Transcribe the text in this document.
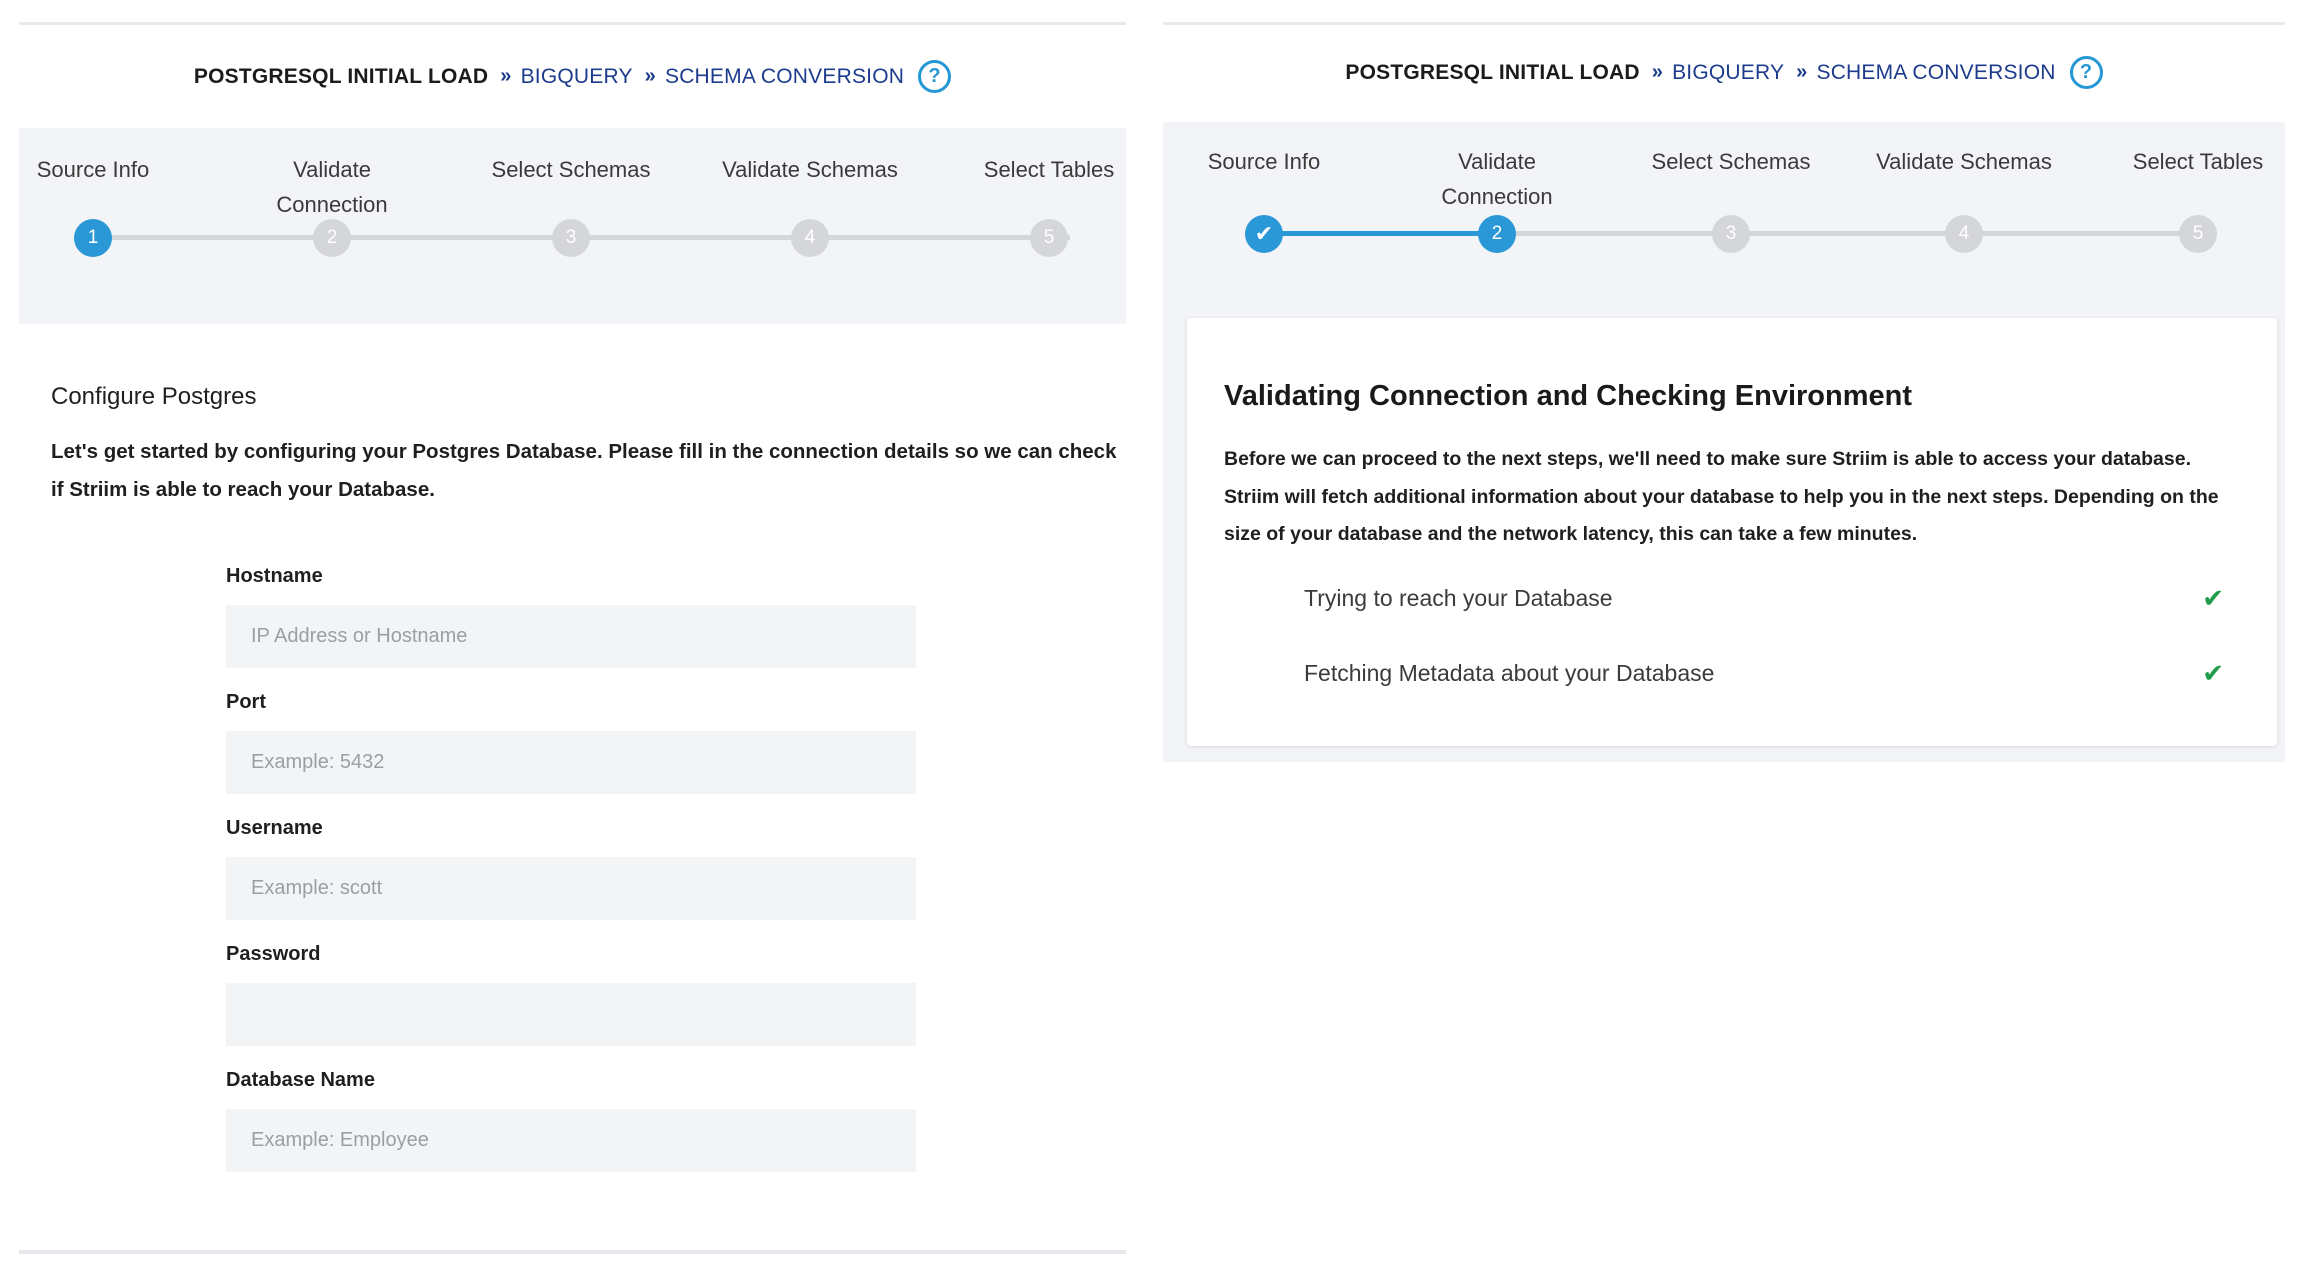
POSTGRESQL INITIAL LOAD » BIGQUERY » SCHEMA CONVERSION	?
Source Info	Validate Connection
Select Schemas	Validate Schemas	Select Tables
1	2	3	4	5
Configure Postgres
Let's get started by configuring your Postgres Database. Please fill in the connection details so we can check if Striim is able to reach your Database.
Hostname
IP Address or Hostname
Port
Example: 5432
Username
Example: scott
Password
Database Name
Example: Employee
POSTGRESQL INITIAL LOAD » BIGQUERY » SCHEMA CONVERSION	?
Source Info	Validate Connection
Select Schemas	Validate Schemas	Select Tables
✔	2	3	4	5
Validating Connection and Checking Environment
Before we can proceed to the next steps, we'll need to make sure Striim is able to access your database. Striim will fetch additional information about your database to help you in the next steps. Depending on the size of your database and the network latency, this can take a few minutes.
Trying to reach your Database	✔
Fetching Metadata about your Database	✔
